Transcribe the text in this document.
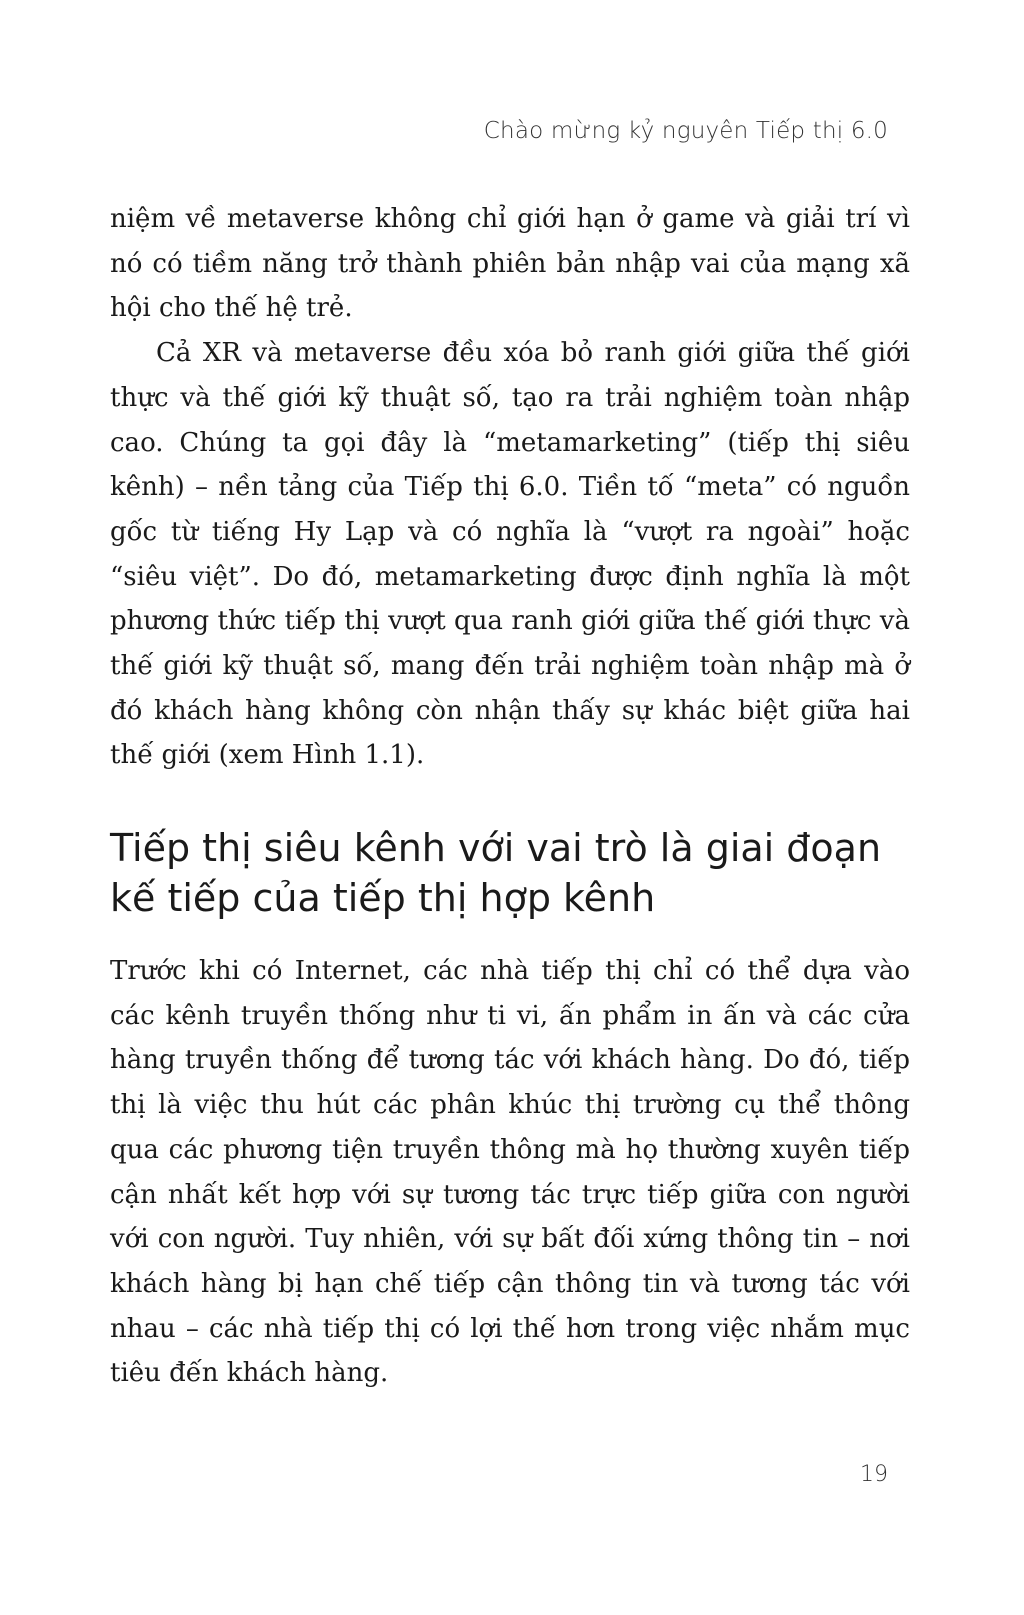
Chào mừng kỷ nguyên Tiếp thị 6.0

niệm về metaverse không chỉ giới hạn ở game và giải trí vì nó có tiềm năng trở thành phiên bản nhập vai của mạng xã hội cho thế hệ trẻ.

Cả XR và metaverse đều xóa bỏ ranh giới giữa thế giới thực và thế giới kỹ thuật số, tạo ra trải nghiệm toàn nhập cao. Chúng ta gọi đây là “metamarketing” (tiếp thị siêu kênh) – nền tảng của Tiếp thị 6.0. Tiền tố “meta” có nguồn gốc từ tiếng Hy Lạp và có nghĩa là “vượt ra ngoài” hoặc “siêu việt”. Do đó, metamarketing được định nghĩa là một phương thức tiếp thị vượt qua ranh giới giữa thế giới thực và thế giới kỹ thuật số, mang đến trải nghiệm toàn nhập mà ở đó khách hàng không còn nhận thấy sự khác biệt giữa hai thế giới (xem Hình 1.1).

Tiếp thị siêu kênh với vai trò là giai đoạn kế tiếp của tiếp thị hợp kênh

Trước khi có Internet, các nhà tiếp thị chỉ có thể dựa vào các kênh truyền thống như ti vi, ấn phẩm in ấn và các cửa hàng truyền thống để tương tác với khách hàng. Do đó, tiếp thị là việc thu hút các phân khúc thị trường cụ thể thông qua các phương tiện truyền thông mà họ thường xuyên tiếp cận nhất kết hợp với sự tương tác trực tiếp giữa con người với con người. Tuy nhiên, với sự bất đối xứng thông tin – nơi khách hàng bị hạn chế tiếp cận thông tin và tương tác với nhau – các nhà tiếp thị có lợi thế hơn trong việc nhắm mục tiêu đến khách hàng.

19
